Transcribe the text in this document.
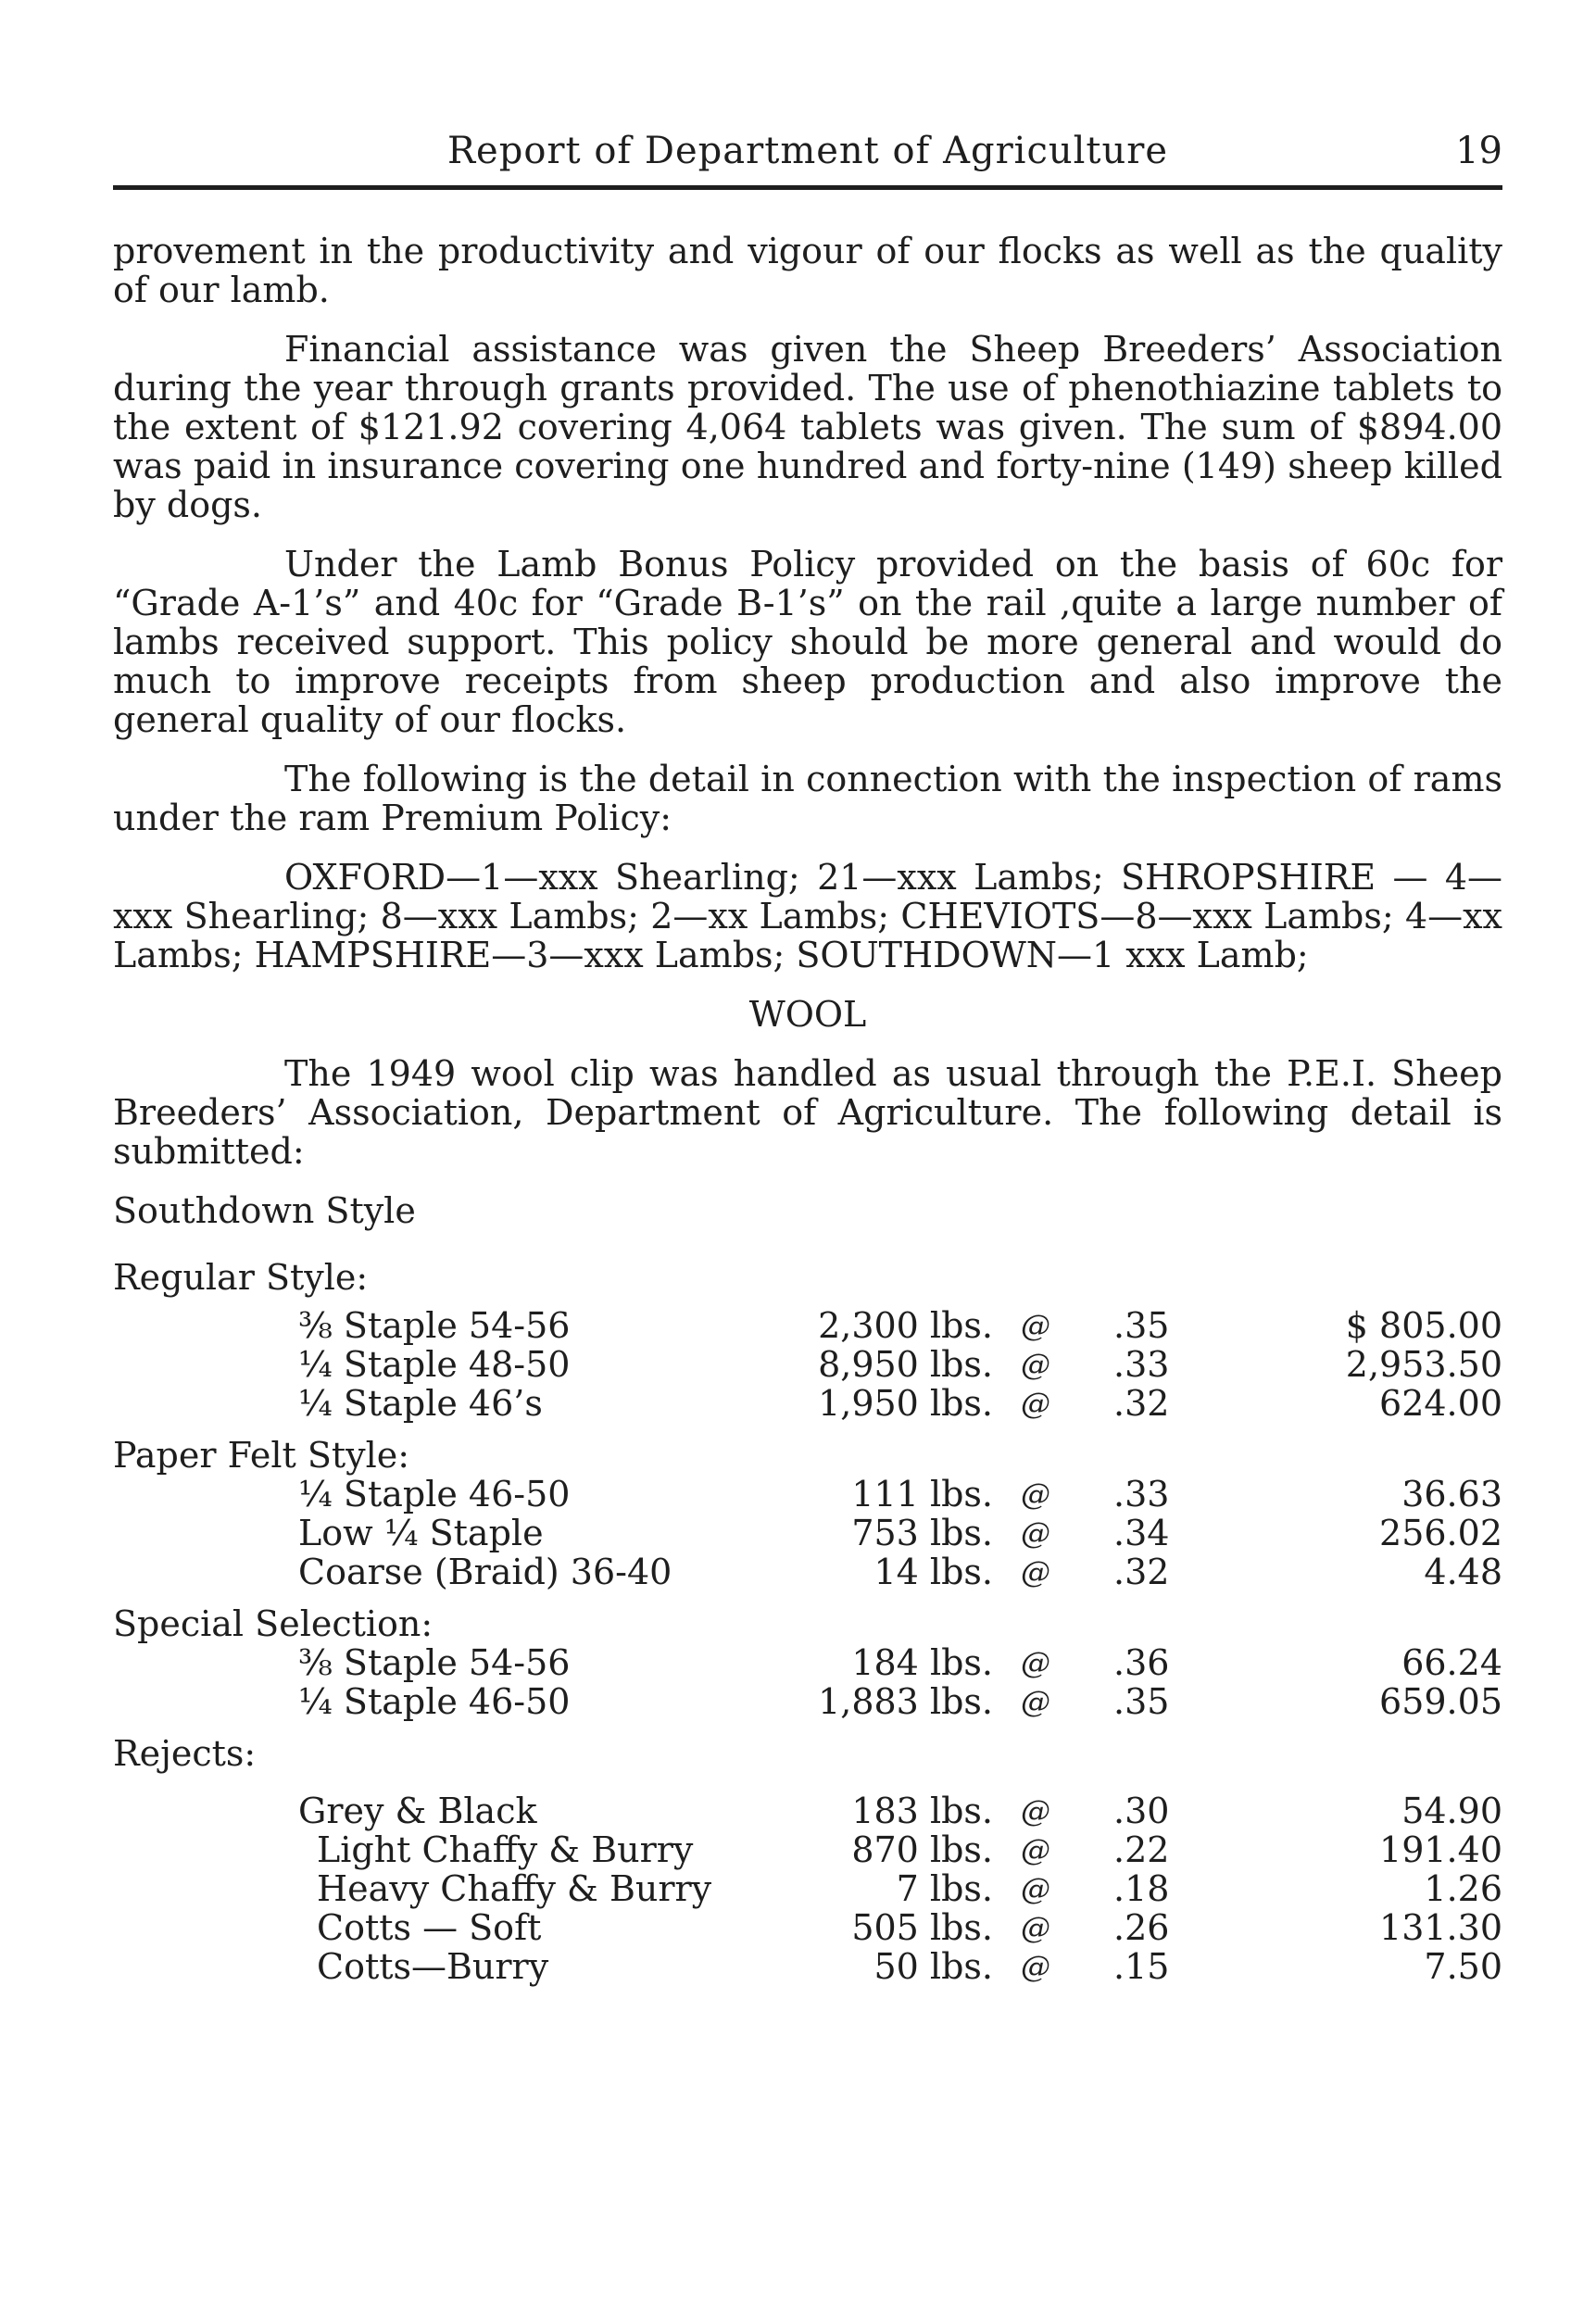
Report of Department of Agriculture	19

provement in the productivity and vigour of our flocks as well as the quality of our lamb.

Financial assistance was given the Sheep Breeders’ Association during the year through grants provided. The use of phenothiazine tablets to the extent of $121.92 covering 4,064 tablets was given. The sum of $894.00 was paid in insurance covering one hundred and forty-nine (149) sheep killed by dogs.

Under the Lamb Bonus Policy provided on the basis of 60c for “Grade A-1’s” and 40c for “Grade B-1’s” on the rail ,quite a large number of lambs received support. This policy should be more general and would do much to improve receipts from sheep production and also improve the general quality of our flocks.

The following is the detail in connection with the inspection of rams under the ram Premium Policy:

OXFORD—1—xxx Shearling; 21—xxx Lambs; SHROPSHIRE — 4—xxx Shearling; 8—xxx Lambs; 2—xx Lambs; CHEVIOTS—8—xxx Lambs; 4—xx Lambs; HAMPSHIRE—3—xxx Lambs; SOUTHDOWN—1 xxx Lamb;

WOOL

The 1949 wool clip was handled as usual through the P.E.I. Sheep Breeders’ Association, Department of Agriculture. The following detail is submitted:

Southdown Style
Regular Style:
⅜ Staple 54-56	2,300 lbs. @ .35	$ 805.00
¼ Staple 48-50	8,950 lbs. @ .33	2,953.50
¼ Staple 46’s	1,950 lbs. @ .32	624.00
Paper Felt Style:
¼ Staple 46-50	111 lbs. @ .33	36.63
Low ¼ Staple	753 lbs. @ .34	256.02
Coarse (Braid) 36-40	14 lbs. @ .32	4.48
Special Selection:
⅜ Staple 54-56	184 lbs. @ .36	66.24
¼ Staple 46-50	1,883 lbs. @ .35	659.05
Rejects:
Grey & Black	183 lbs. @ .30	54.90
Light Chaffy & Burry	870 lbs. @ .22	191.40
Heavy Chaffy & Burry	7 lbs. @ .18	1.26
Cotts — Soft	505 lbs. @ .26	131.30
Cotts—Burry	50 lbs. @ .15	7.50
